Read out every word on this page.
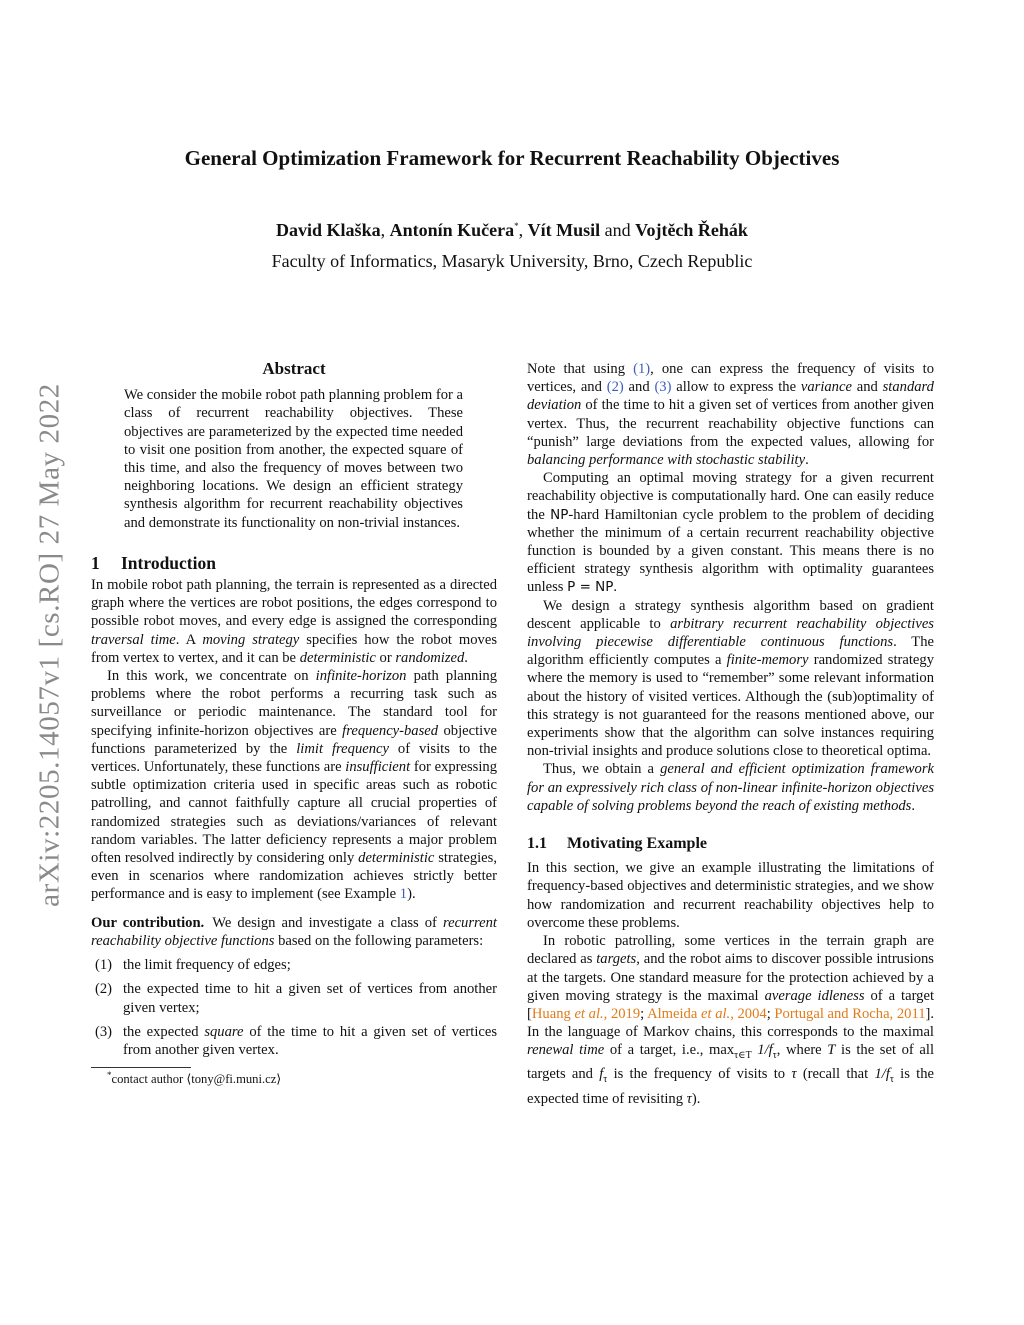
arXiv:2205.14057v1 [cs.RO] 27 May 2022
General Optimization Framework for Recurrent Reachability Objectives
David Klaška, Antonín Kučera*, Vít Musil and Vojtěch Řehák
Faculty of Informatics, Masaryk University, Brno, Czech Republic
Abstract

We consider the mobile robot path planning problem for a class of recurrent reachability objectives. These objectives are parameterized by the expected time needed to visit one position from another, the expected square of this time, and also the frequency of moves between two neighboring locations. We design an efficient strategy synthesis algorithm for recurrent reachability objectives and demonstrate its functionality on non-trivial instances.

1 Introduction

In mobile robot path planning, the terrain is represented as a directed graph where the vertices are robot positions, the edges correspond to possible robot moves, and every edge is assigned the corresponding traversal time. A moving strategy specifies how the robot moves from vertex to vertex, and it can be deterministic or randomized.

In this work, we concentrate on infinite-horizon path planning problems where the robot performs a recurring task such as surveillance or periodic maintenance. The standard tool for specifying infinite-horizon objectives are frequency-based objective functions parameterized by the limit frequency of visits to the vertices. Unfortunately, these functions are insufficient for expressing subtle optimization criteria used in specific areas such as robotic patrolling, and cannot faithfully capture all crucial properties of randomized strategies such as deviations/variances of relevant random variables. The latter deficiency represents a major problem often resolved indirectly by considering only deterministic strategies, even in scenarios where randomization achieves strictly better performance and is easy to implement (see Example 1).

Our contribution. We design and investigate a class of recurrent reachability objective functions based on the following parameters:

(1) the limit frequency of edges;
(2) the expected time to hit a given set of vertices from another given vertex;
(3) the expected square of the time to hit a given set of vertices from another given vertex.
*contact author ⟨tony@fi.muni.cz⟩

Note that using (1), one can express the frequency of visits to vertices, and (2) and (3) allow to express the variance and standard deviation of the time to hit a given set of vertices from another given vertex. Thus, the recurrent reachability objective functions can “punish” large deviations from the expected values, allowing for balancing performance with stochastic stability.

Computing an optimal moving strategy for a given recurrent reachability objective is computationally hard. One can easily reduce the NP-hard Hamiltonian cycle problem to the problem of deciding whether the minimum of a certain recurrent reachability objective function is bounded by a given constant. This means there is no efficient strategy synthesis algorithm with optimality guarantees unless P = NP.

We design a strategy synthesis algorithm based on gradient descent applicable to arbitrary recurrent reachability objectives involving piecewise differentiable continuous functions. The algorithm efficiently computes a finite-memory randomized strategy where the memory is used to “remember” some relevant information about the history of visited vertices. Although the (sub)optimality of this strategy is not guaranteed for the reasons mentioned above, our experiments show that the algorithm can solve instances requiring non-trivial insights and produce solutions close to theoretical optima.

Thus, we obtain a general and efficient optimization framework for an expressively rich class of non-linear infinite-horizon objectives capable of solving problems beyond the reach of existing methods.

1.1 Motivating Example

In this section, we give an example illustrating the limitations of frequency-based objectives and deterministic strategies, and we show how randomization and recurrent reachability objectives help to overcome these problems.

In robotic patrolling, some vertices in the terrain graph are declared as targets, and the robot aims to discover possible intrusions at the targets. One standard measure for the protection achieved by a given moving strategy is the maximal average idleness of a target [Huang et al., 2019; Almeida et al., 2004; Portugal and Rocha, 2011]. In the language of Markov chains, this corresponds to the maximal renewal time of a target, i.e., $\max_{\tau\in T} 1/f_\tau$, where T is the set of all targets and $f_\tau$ is the frequency of visits to τ (recall that $1/f_\tau$ is the expected time of revisiting τ).
